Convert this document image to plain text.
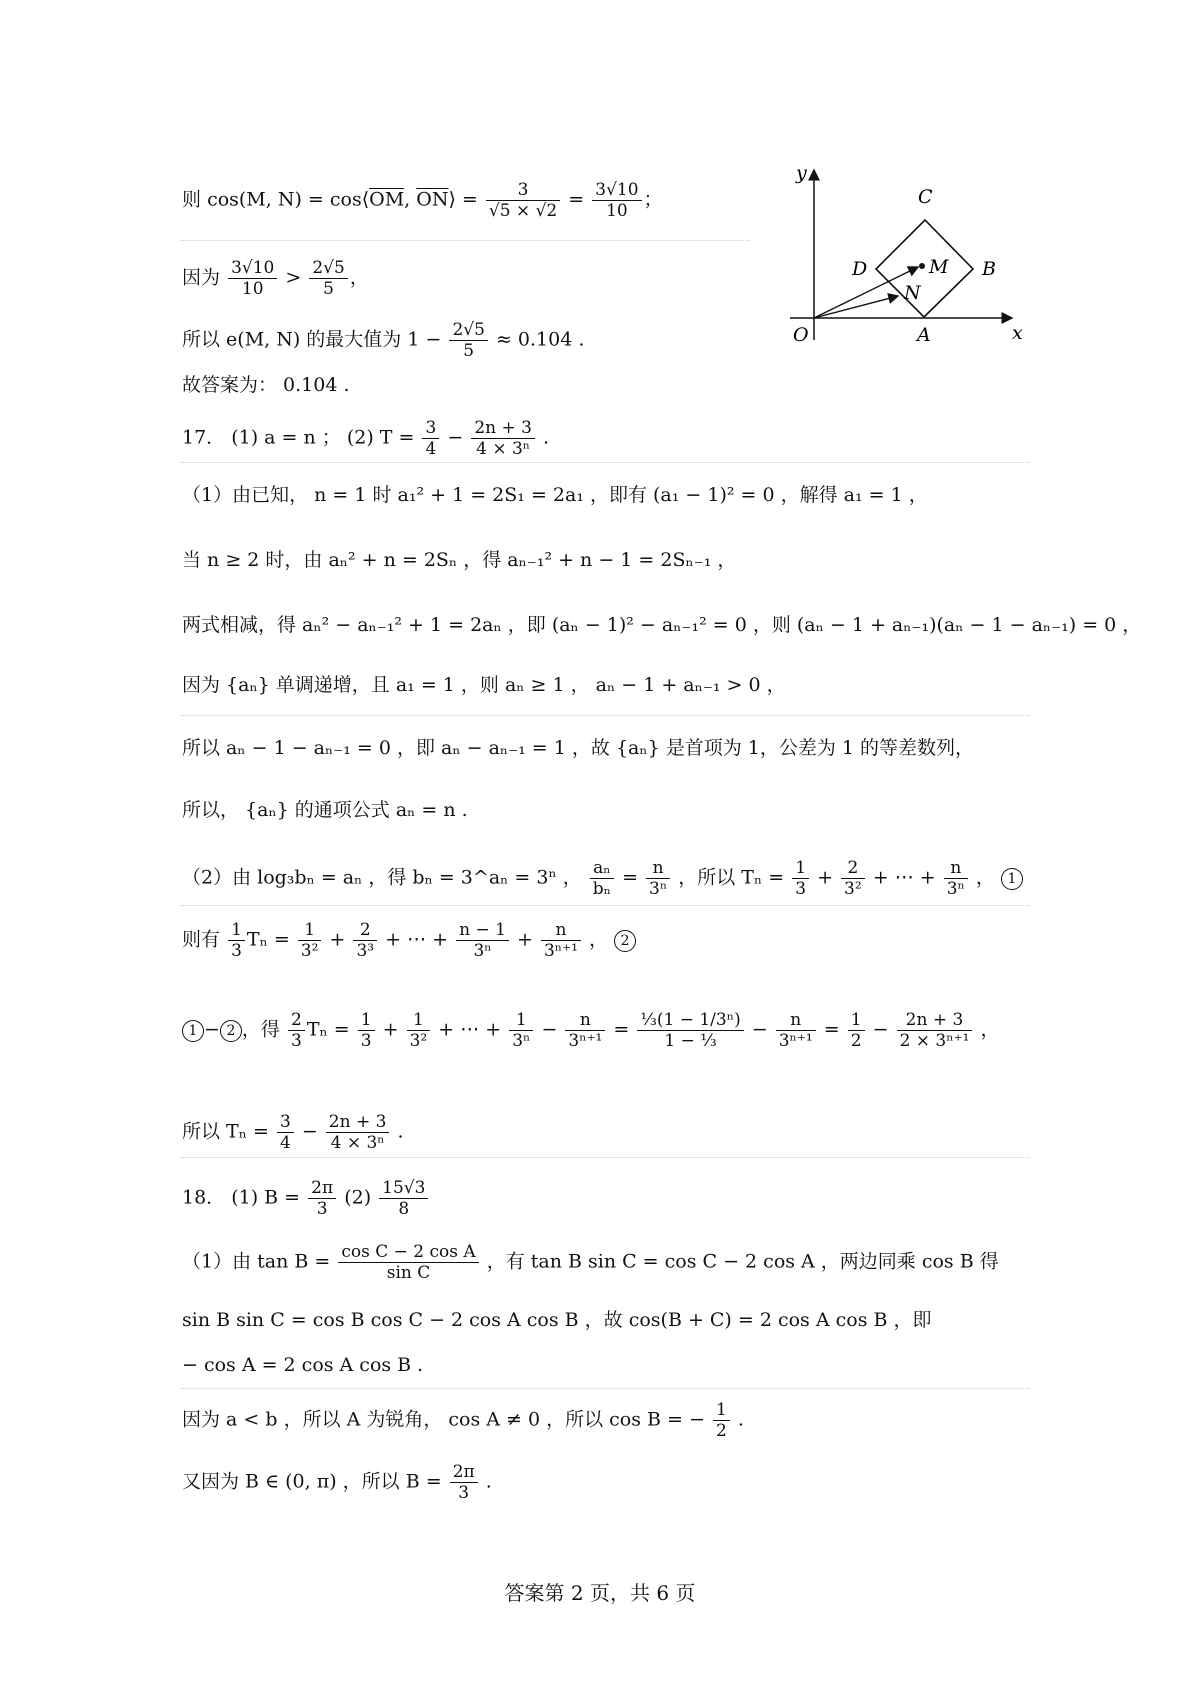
则 cos(M, $N) = \cos⟨\overline{OM}$, $\overline{ON}⟩ = \frac{3}{√5 \times √2} = \frac{3√10}{10}$ ；
因为 $\frac{3√10}{10} > \frac{2√5}{5}$ ，
所以 e(M, N) 的最大值为 $1 - \frac{2√5}{5} \approx 0.104$ .
故答案为： 0.104 .
y
x
O	A
B
C
D	M
N
17． (1) a = n ； (2) $T = \frac{3}{4} - \frac{2n + 3}{\text{4 × 3ⁿ}}$ .
（1）由已知， n = 1 时 a₁² + 1 = 2S₁ = 2a₁ ，即有 (a₁ − 1)² = 0 ，解得 a₁ = 1 ，
当 n ≥ 2 时，由 aₙ² + n = 2Sₙ ，得 aₙ₋₁² + n − 1 = 2Sₙ₋₁ ，
两式相减，得 aₙ² − aₙ₋₁² + 1 = 2aₙ ，即 (aₙ − 1)² − aₙ₋₁² = 0 ，则 (aₙ − 1 + aₙ₋₁)(aₙ − 1 − aₙ₋₁) = 0 ，
因为 {aₙ} 单调递增，且 a₁ = 1 ，则 aₙ ≥ 1 ， aₙ − 1 + aₙ₋₁ > 0 ，
所以 aₙ − 1 − aₙ₋₁ = 0 ，即 aₙ − aₙ₋₁ = 1 ，故 {aₙ} 是首项为 1，公差为 1 的等差数列，
所以， {aₙ} 的通项公式 aₙ = n .
（2）由 log₃bₙ = aₙ ，得 bₙ = 3^aₙ = 3ⁿ ， $\frac{\text{aₙ}}{\text{bₙ}} = \frac{n}{\text{3ⁿ}}$ ，所以 $T_n = \frac{1}{3} + \frac{2}{\text{3²}}$ + ⋯ + $\frac{n}{\text{3ⁿ}}$ ， 1
则有 $\frac{1}{3}$ $T_n = \frac{1}{\text{3²}} + \frac{2}{\text{3³}}$ + ⋯ + $\frac{n - 1}{\text{3ⁿ}} + \frac{n}{\text{3ⁿ⁺¹}}$ ， 2
1 − 2 ，得 $\frac{2}{3}$ $T_n = \frac{1}{3} + \frac{1}{\text{3²}}$ + ⋯ + $\frac{1}{\text{3ⁿ}} - \frac{n}{\text{3ⁿ⁺¹}} = \frac{\text{⅓(1 − 1/3ⁿ)}}{\text{1 − ⅓}} - \frac{n}{\text{3ⁿ⁺¹}} = \frac{1}{2} - \frac{2n + 3}{\text{2 × 3ⁿ⁺¹}}$ ，
所以 $T_n = \frac{3}{4} - \frac{2n + 3}{\text{4 × 3ⁿ}}$ .
18． (1) $B = \frac{2\pi}{3} (2) \frac{15√3}{8}$
（1）由 $\tan B = \frac{\text{cos C − 2 cos A}}{\text{sin C}}$ ，有 tan B sin C = cos C − 2 cos A ，两边同乘 cos B 得
sin B sin C = cos B cos C − 2 cos A cos B ，故 cos(B + C) = 2 cos A cos B ，即
− cos A = 2 cos A cos B .
因为 a < b ，所以 A 为锐角， cos A ≠ 0 ，所以 cos B = − $\frac{1}{2}$ .
又因为 B ∈ (0, π) ，所以 $B = \frac{2\pi}{3}$ .
答案第 2 页，共 6 页
